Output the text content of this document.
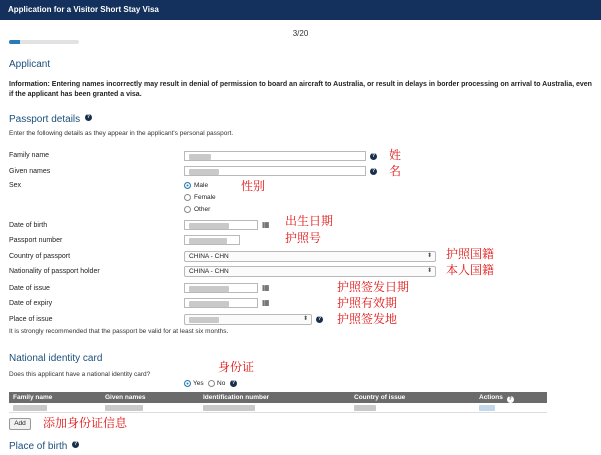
Application for a Visitor Short Stay Visa
3/20
Applicant
Information: Entering names incorrectly may result in denial of permission to board an aircraft to Australia, or result in delays in border processing on arrival to Australia, even if the applicant has been granted a visa.
Passport details ?
Enter the following details as they appear in the applicant's personal passport.
Family name	? 姓
Given names	? 名
Sex	Male
Female
Other
性别
Date of birth	▦ 出生日期
Passport number	护照号
Country of passport	CHINA - CHN	⬍ 护照国籍
Nationality of passport holder	CHINA - CHN	⬍ 本人国籍
Date of issue	▦	护照签发日期
Date of expiry	▦	护照有效期
Place of issue	⬍	? 护照签发地
It is strongly recommended that the passport be valid for at least six months.
National identity card
Does this applicant have a national identity card?
身份证
Yes No	?
Family name	Given names	Identification number	Country of issue	Actions ?
Add	添加身份证信息
Place of birth ?
